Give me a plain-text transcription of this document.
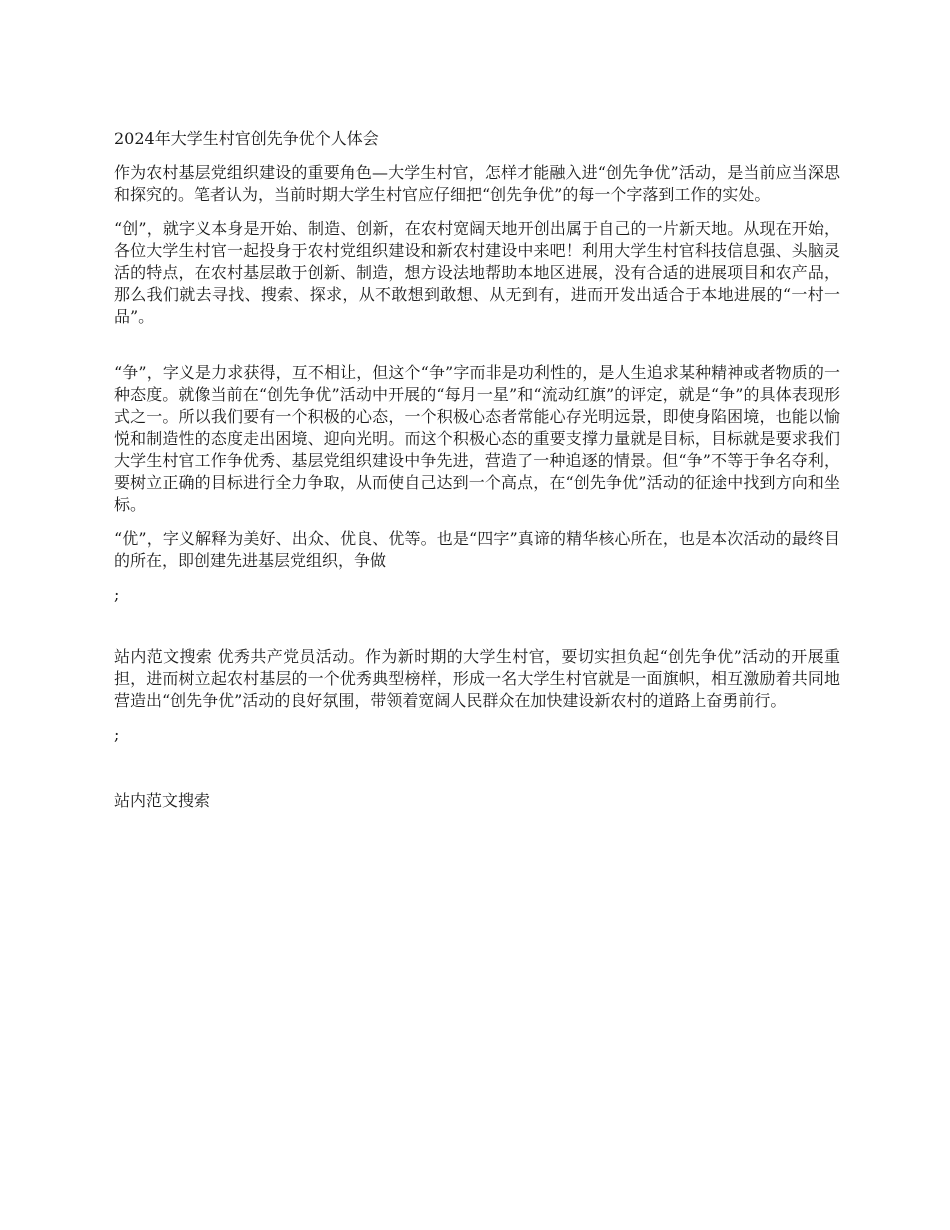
2024年大学生村官创先争优个人体会

作为农村基层党组织建设的重要角色—大学生村官，怎样才能融入进“创先争优”活动，是当前应当深思和探究的。笔者认为，当前时期大学生村官应仔细把“创先争优”的每一个字落到工作的实处。

“创”，就字义本身是开始、制造、创新，在农村宽阔天地开创出属于自己的一片新天地。从现在开始，各位大学生村官一起投身于农村党组织建设和新农村建设中来吧！利用大学生村官科技信息强、头脑灵活的特点，在农村基层敢于创新、制造，想方设法地帮助本地区进展，没有合适的进展项目和农产品，那么我们就去寻找、搜索、探求，从不敢想到敢想、从无到有，进而开发出适合于本地进展的“一村一品”。

“争”，字义是力求获得，互不相让，但这个“争”字而非是功利性的，是人生追求某种精神或者物质的一种态度。就像当前在“创先争优”活动中开展的“每月一星”和“流动红旗”的评定，就是“争”的具体表现形式之一。所以我们要有一个积极的心态，一个积极心态者常能心存光明远景，即使身陷困境，也能以愉悦和制造性的态度走出困境、迎向光明。而这个积极心态的重要支撑力量就是目标，目标就是要求我们大学生村官工作争优秀、基层党组织建设中争先进，营造了一种追逐的情景。但“争”不等于争名夺利，要树立正确的目标进行全力争取，从而使自己达到一个高点，在“创先争优”活动的征途中找到方向和坐标。

“优”，字义解释为美好、出众、优良、优等。也是“四字”真谛的精华核心所在，也是本次活动的最终目的所在，即创建先进基层党组织，争做

;

站内范文搜索 优秀共产党员活动。作为新时期的大学生村官，要切实担负起“创先争优”活动的开展重担，进而树立起农村基层的一个优秀典型榜样，形成一名大学生村官就是一面旗帜，相互激励着共同地营造出“创先争优”活动的良好氛围，带领着宽阔人民群众在加快建设新农村的道路上奋勇前行。

;
站内范文搜索
